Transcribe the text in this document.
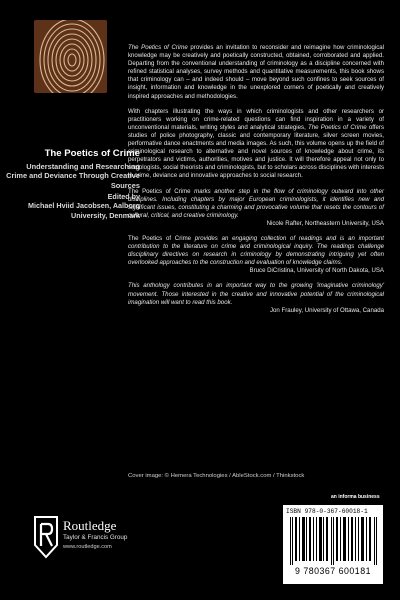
The Poetics of Crime
Understanding and Researching Crime and Deviance Through Creative Sources
Edited by
Michael Hviid Jacobsen, Aalborg University, Denmark

The Poetics of Crime provides an invitation to reconsider and reimagine how criminological knowledge may be creatively and poetically constructed, obtained, corroborated and applied. Departing from the conventional understanding of criminology as a discipline concerned with refined statistical analyses, survey methods and quantitative measurements, this book shows that criminology can – and indeed should – move beyond such confines to seek sources of insight, information and knowledge in the unexplored corners of poetically and creatively inspired approaches and methodologies.

With chapters illustrating the ways in which criminologists and other researchers or practitioners working on crime-related questions can find inspiration in a variety of unconventional materials, writing styles and analytical strategies, The Poetics of Crime offers studies of police photography, classic and contemporary literature, silver screen movies, performative dance enactments and media images. As such, this volume opens up the field of criminological research to alternative and novel sources of knowledge about crime, its perpetrators and victims, authorities, motives and justice. It will therefore appeal not only to sociologists, social theorists and criminologists, but to scholars across disciplines with interests in crime, deviance and innovative approaches to social research.

The Poetics of Crime marks another step in the flow of criminology outward into other disciplines. Including chapters by major European criminologists, it identifies new and significant issues, constituting a charming and provocative volume that resets the contours of cultural, critical, and creative criminology.

Nicole Rafter, Northeastern University, USA

The Poetics of Crime provides an engaging collection of readings and is an important contribution to the literature on crime and criminological inquiry. The readings challenge disciplinary directives on research in criminology by demonstrating intriguing yet often overlooked approaches to the construction and evaluation of knowledge claims.

Bruce DiCristina, University of North Dakota, USA

This anthology contributes in an important way to the growing 'imaginative criminology' movement. Those interested in the creative and innovative potential of the criminological imagination will want to read this book.

Jon Frauley, University of Ottawa, Canada

Cover image: © Hemera Technologies / AbleStock.com / Thinkstock
an informa business
ISBN 978-0-367-60018-1
9 780367 600181
Routledge
Taylor & Francis Group
www.routledge.com
